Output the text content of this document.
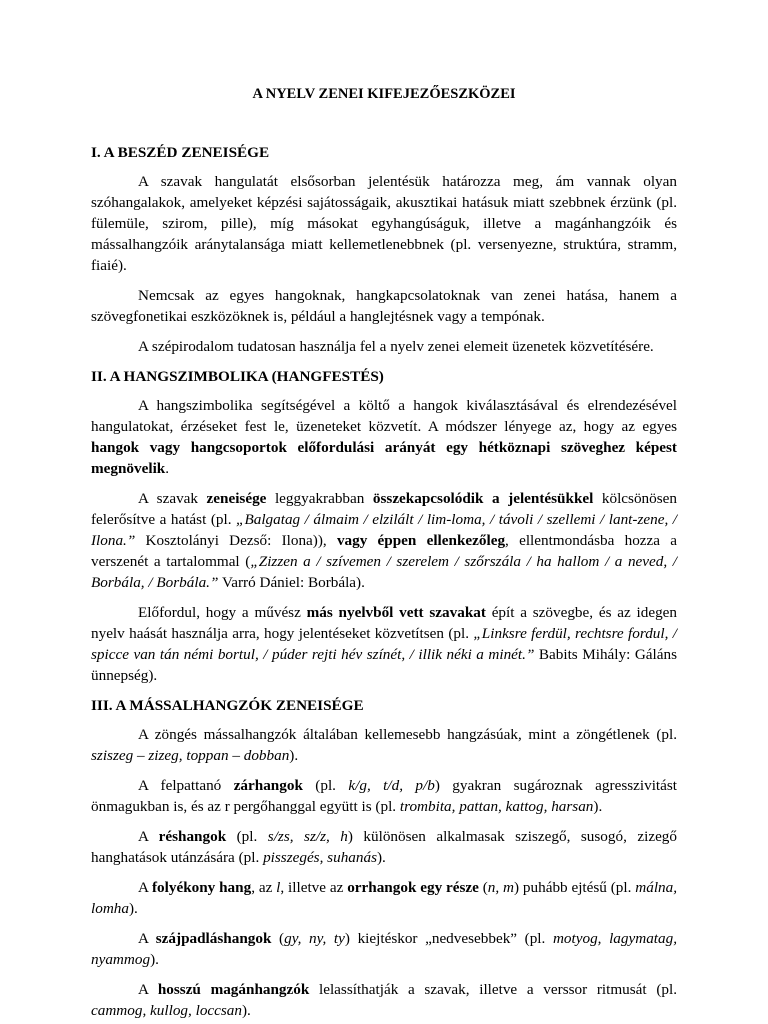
A NYELV ZENEI KIFEJEZŐESZKÖZEI
I. A BESZÉD ZENEISÉGE

A szavak hangulatát elsősorban jelentésük határozza meg, ám vannak olyan szóhangalakok, amelyeket képzési sajátosságaik, akusztikai hatásuk miatt szebbnek érzünk (pl. fülemüle, szirom, pille), míg másokat egyhangúságuk, illetve a magánhangzóik és mássalhangzóik aránytalansága miatt kellemetlenebbnek (pl. versenyezne, struktúra, stramm, fiaié).

Nemcsak az egyes hangoknak, hangkapcsolatoknak van zenei hatása, hanem a szövegfonetikai eszközöknek is, például a hanglejtésnek vagy a tempónak.

A szépirodalom tudatosan használja fel a nyelv zenei elemeit üzenetek közvetítésére.

II. A HANGSZIMBOLIKA (HANGFESTÉS)

A hangszimbolika segítségével a költő a hangok kiválasztásával és elrendezésével hangulatokat, érzéseket fest le, üzeneteket közvetít. A módszer lényege az, hogy az egyes hangok vagy hangcsoportok előfordulási arányát egy hétköznapi szöveghez képest megnövelik.

A szavak zeneisége leggyakrabban összekapcsolódik a jelentésükkel kölcsönösen felerősítve a hatást (pl. „Balgatag / álmaim / elzilált / lim-loma, / távoli / szellemi / lant-zene, / Ilona.” Kosztolányi Dezső: Ilona)), vagy éppen ellenkezőleg, ellentmondásba hozza a verszenét a tartalommal („Zizzen a / szívemen / szerelem / szőrszála / ha hallom / a neved, / Borbála, / Borbála.” Varró Dániel: Borbála).

Előfordul, hogy a művész más nyelvből vett szavakat épít a szövegbe, és az idegen nyelv haását használja arra, hogy jelentéseket közvetítsen (pl. „Linksre ferdül, rechtsre fordul, / spicce van tán némi bortul, / púder rejti hév színét, / illik néki a minét.” Babits Mihály: Gáláns ünnepség).

III. A MÁSSALHANGZÓK ZENEISÉGE

A zöngés mássalhangzók általában kellemesebb hangzásúak, mint a zöngétlenek (pl. sziszeg – zizeg, toppan – dobban).

A felpattanó zárhangok (pl. k/g, t/d, p/b) gyakran sugároznak agresszivitást önmagukban is, és az r pergőhanggal együtt is (pl. trombita, pattan, kattog, harsan).

A réshangok (pl. s/zs, sz/z, h) különösen alkalmasak sziszegő, susogó, zizegő hanghatások utánzására (pl. pisszegés, suhanás).

A folyékony hang, az l, illetve az orrhangok egy része (n, m) puhább ejtésű (pl. málna, lomha).

A szájpadláshangok (gy, ny, ty) kiejtéskor „nedvesebbek” (pl. motyog, lagymatag, nyammog).

A hosszú magánhangzók lelassíthatják a szavak, illetve a verssor ritmusát (pl. cammog, kullog, loccsan).
